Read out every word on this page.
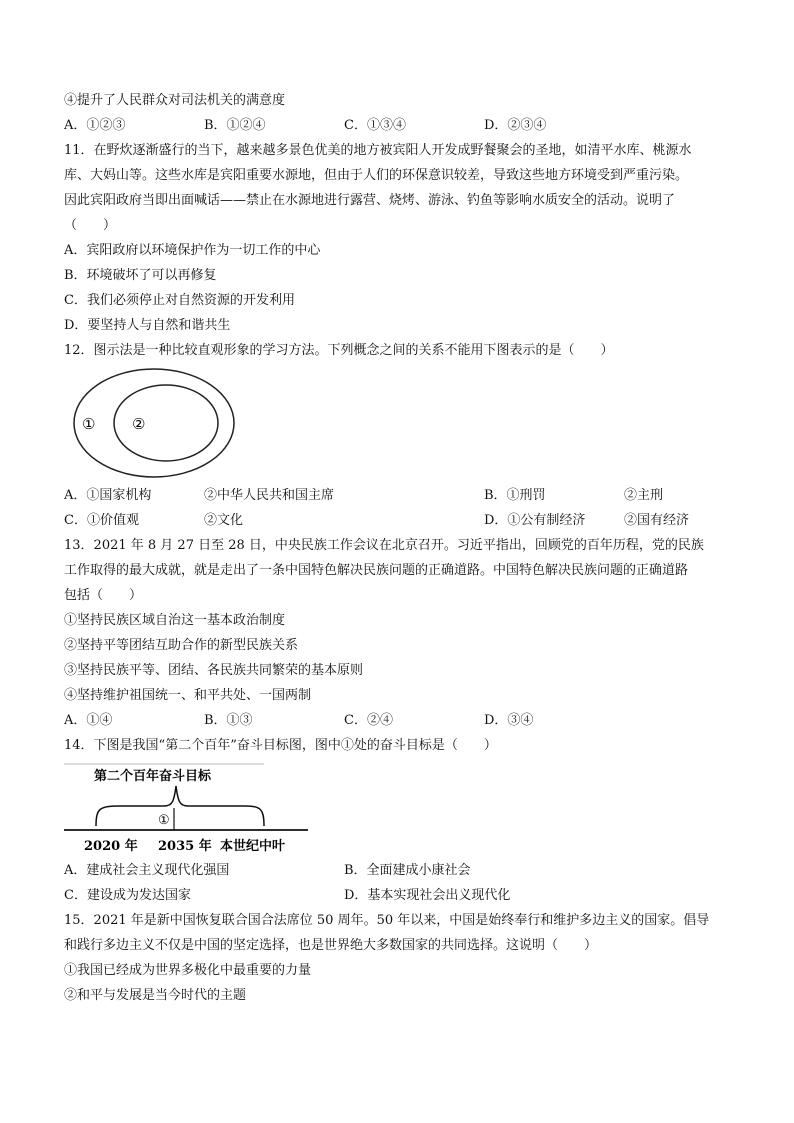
④提升了人民群众对司法机关的满意度
A．①②③	B．①②④	C．①③④	D．②③④
11．在野炊逐渐盛行的当下，越来越多景色优美的地方被宾阳人开发成野餐聚会的圣地，如清平水库、桃源水
库、大妈山等。这些水库是宾阳重要水源地，但由于人们的环保意识较差，导致这些地方环境受到严重污染。
因此宾阳政府当即出面喊话——禁止在水源地进行露营、烧烤、游泳、钓鱼等影响水质安全的活动。说明了
（　　）
A．宾阳政府以环境保护作为一切工作的中心
B．环境破坏了可以再修复
C．我们必须停止对自然资源的开发利用
D．要坚持人与自然和谐共生
12．图示法是一种比较直观形象的学习方法。下列概念之间的关系不能用下图表示的是（　　）
① ②
A．①国家机构	②中华人民共和国主席	B．①刑罚	②主刑
C．①价值观	②文化	D．①公有制经济	②国有经济
13．2021 年 8 月 27 日至 28 日，中央民族工作会议在北京召开。习近平指出，回顾党的百年历程，党的民族
工作取得的最大成就，就是走出了一条中国特色解决民族问题的正确道路。中国特色解决民族问题的正确道路
包括（　　）
①坚持民族区域自治这一基本政治制度
②坚持平等团结互助合作的新型民族关系
③坚持民族平等、团结、各民族共同繁荣的基本原则
④坚持维护祖国统一、和平共处、一国两制
A．①④	B．①③	C．②④	D．③④
14．下图是我国“第二个百年”奋斗目标图，图中①处的奋斗目标是（　　）
第二个百年奋斗目标
①
2020 年 2035 年 本世纪中叶
A．建成社会主义现代化强国	B．全面建成小康社会
C．建设成为发达国家	D．基本实现社会出义现代化
15．2021 年是新中国恢复联合国合法席位 50 周年。50 年以来，中国是始终奉行和维护多边主义的国家。倡导
和践行多边主义不仅是中国的坚定选择，也是世界绝大多数国家的共同选择。这说明（　　）
①我国已经成为世界多极化中最重要的力量
②和平与发展是当今时代的主题
